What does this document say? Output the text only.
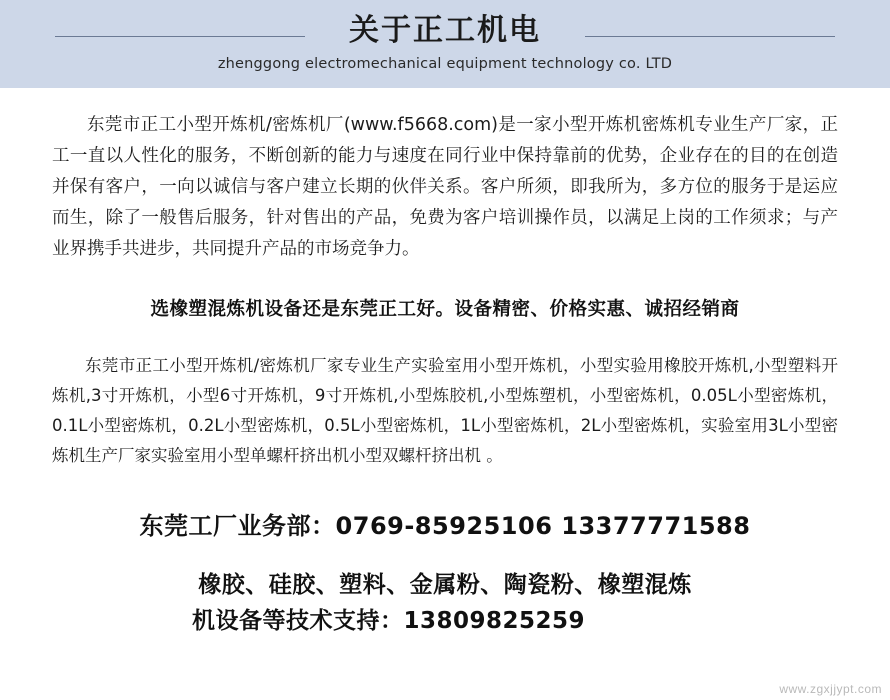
关于正工机电
zhenggong electromechanical equipment technology co. LTD

东莞市正工小型开炼机/密炼机厂(www.f5668.com)是一家小型开炼机密炼机专业生产厂家，正工一直以人性化的服务，不断创新的能力与速度在同行业中保持靠前的优势，企业存在的目的在创造并保有客户，一向以诚信与客户建立长期的伙伴关系。客户所须，即我所为，多方位的服务于是运应而生，除了一般售后服务，针对售出的产品，免费为客户培训操作员，以满足上岗的工作须求；与产业界携手共进步，共同提升产品的市场竞争力。

选橡塑混炼机设备还是东莞正工好。设备精密、价格实惠、诚招经销商

东莞市正工小型开炼机/密炼机厂家专业生产实验室用小型开炼机，小型实验用橡胶开炼机,小型塑料开炼机,3寸开炼机，小型6寸开炼机，9寸开炼机,小型炼胶机,小型炼塑机，小型密炼机，0.05L小型密炼机，0.1L小型密炼机，0.2L小型密炼机，0.5L小型密炼机，1L小型密炼机，2L小型密炼机，实验室用3L小型密炼机生产厂家实验室用小型单螺杆挤出机小型双螺杆挤出机 。

东莞工厂业务部：0769-85925106 13377771588
橡胶、硅胶、塑料、金属粉、陶瓷粉、橡塑混炼
机设备等技术支持：13809825259
www.zgxjjypt.com
